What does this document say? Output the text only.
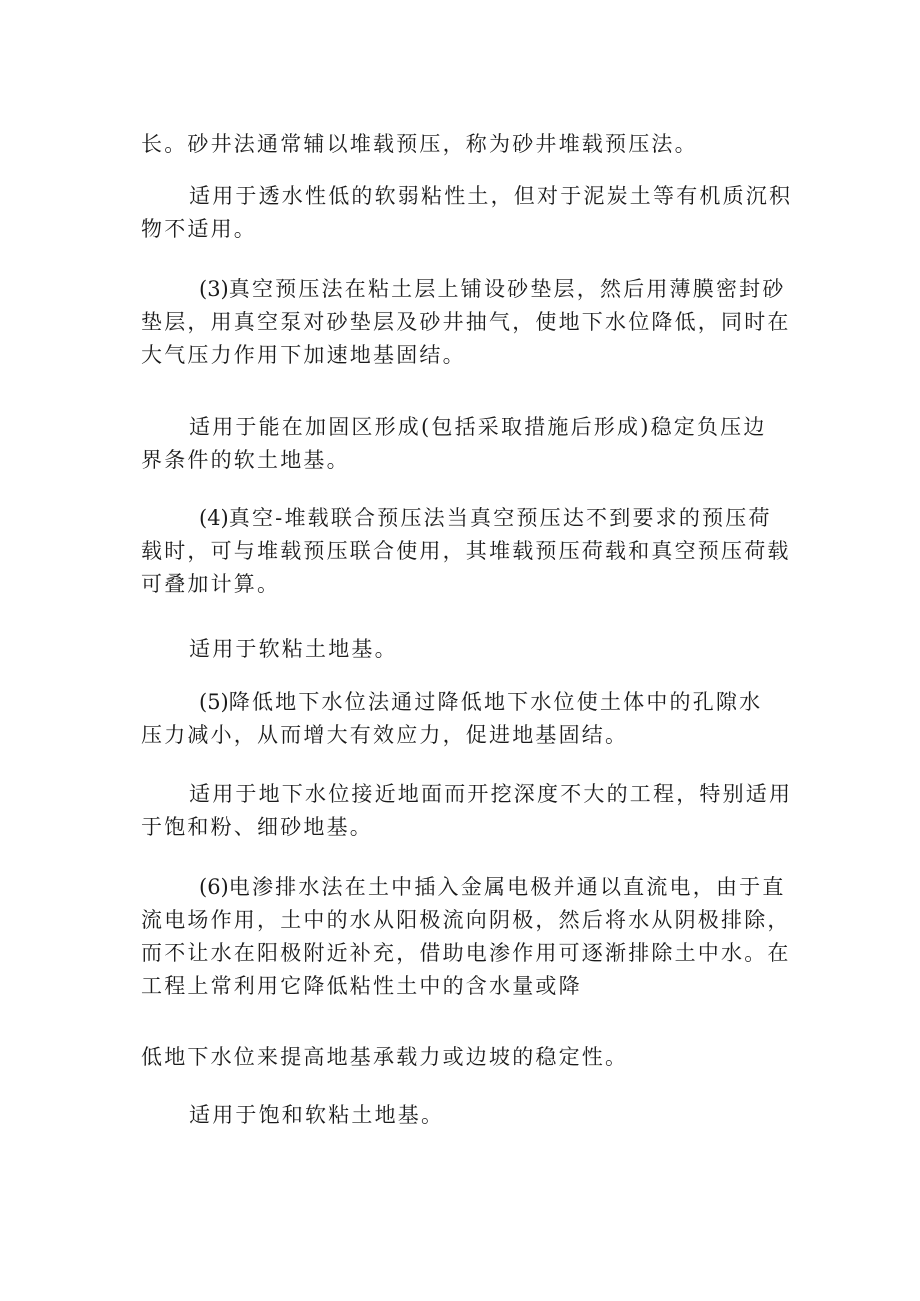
长。砂井法通常辅以堆载预压，称为砂井堆载预压法。

适用于透水性低的软弱粘性土，但对于泥炭土等有机质沉积
物不适用。

(3)真空预压法在粘土层上铺设砂垫层，然后用薄膜密封砂
垫层，用真空泵对砂垫层及砂井抽气，使地下水位降低，同时在
大气压力作用下加速地基固结。

适用于能在加固区形成(包括采取措施后形成)稳定负压边
界条件的软土地基。

(4)真空-堆载联合预压法当真空预压达不到要求的预压荷
载时，可与堆载预压联合使用，其堆载预压荷载和真空预压荷载
可叠加计算。

适用于软粘土地基。

(5)降低地下水位法通过降低地下水位使土体中的孔隙水
压力减小，从而增大有效应力，促进地基固结。

适用于地下水位接近地面而开挖深度不大的工程，特别适用
于饱和粉、细砂地基。

(6)电渗排水法在土中插入金属电极并通以直流电，由于直
流电场作用，土中的水从阳极流向阴极，然后将水从阴极排除，
而不让水在阳极附近补充，借助电渗作用可逐渐排除土中水。在
工程上常利用它降低粘性土中的含水量或降

低地下水位来提高地基承载力或边坡的稳定性。

适用于饱和软粘土地基。
